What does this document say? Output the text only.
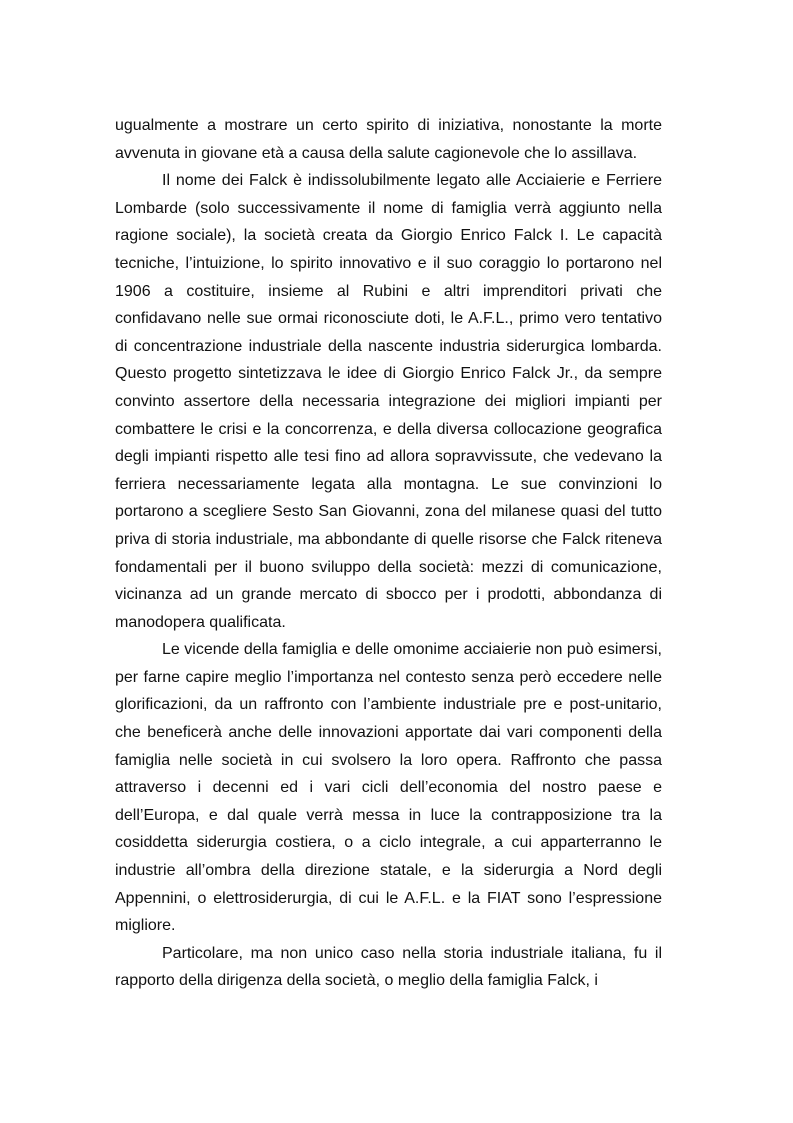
ugualmente a mostrare un certo spirito di iniziativa, nonostante la morte avvenuta in giovane età a causa della salute cagionevole che lo assillava.

Il nome dei Falck è indissolubilmente legato alle Acciaierie e Ferriere Lombarde (solo successivamente il nome di famiglia verrà aggiunto nella ragione sociale), la società creata da Giorgio Enrico Falck I. Le capacità tecniche, l’intuizione, lo spirito innovativo e il suo coraggio lo portarono nel 1906 a costituire, insieme al Rubini e altri imprenditori privati che confidavano nelle sue ormai riconosciute doti, le A.F.L., primo vero tentativo di concentrazione industriale della nascente industria siderurgica lombarda. Questo progetto sintetizzava le idee di Giorgio Enrico Falck Jr., da sempre convinto assertore della necessaria integrazione dei migliori impianti per combattere le crisi e la concorrenza, e della diversa collocazione geografica degli impianti rispetto alle tesi fino ad allora sopravvissute, che vedevano la ferriera necessariamente legata alla montagna. Le sue convinzioni lo portarono a scegliere Sesto San Giovanni, zona del milanese quasi del tutto priva di storia industriale, ma abbondante di quelle risorse che Falck riteneva fondamentali per il buono sviluppo della società: mezzi di comunicazione, vicinanza ad un grande mercato di sbocco per i prodotti, abbondanza di manodopera qualificata.

Le vicende della famiglia e delle omonime acciaierie non può esimersi, per farne capire meglio l’importanza nel contesto senza però eccedere nelle glorificazioni, da un raffronto con l’ambiente industriale pre e post-unitario, che beneficerà anche delle innovazioni apportate dai vari componenti della famiglia nelle società in cui svolsero la loro opera. Raffronto che passa attraverso i decenni ed i vari cicli dell’economia del nostro paese e dell’Europa, e dal quale verrà messa in luce la contrapposizione tra la cosiddetta siderurgia costiera, o a ciclo integrale, a cui apparterranno le industrie all’ombra della direzione statale, e la siderurgia a Nord degli Appennini, o elettrosiderurgia, di cui le A.F.L. e la FIAT sono l’espressione migliore.

Particolare, ma non unico caso nella storia industriale italiana, fu il rapporto della dirigenza della società, o meglio della famiglia Falck, i
